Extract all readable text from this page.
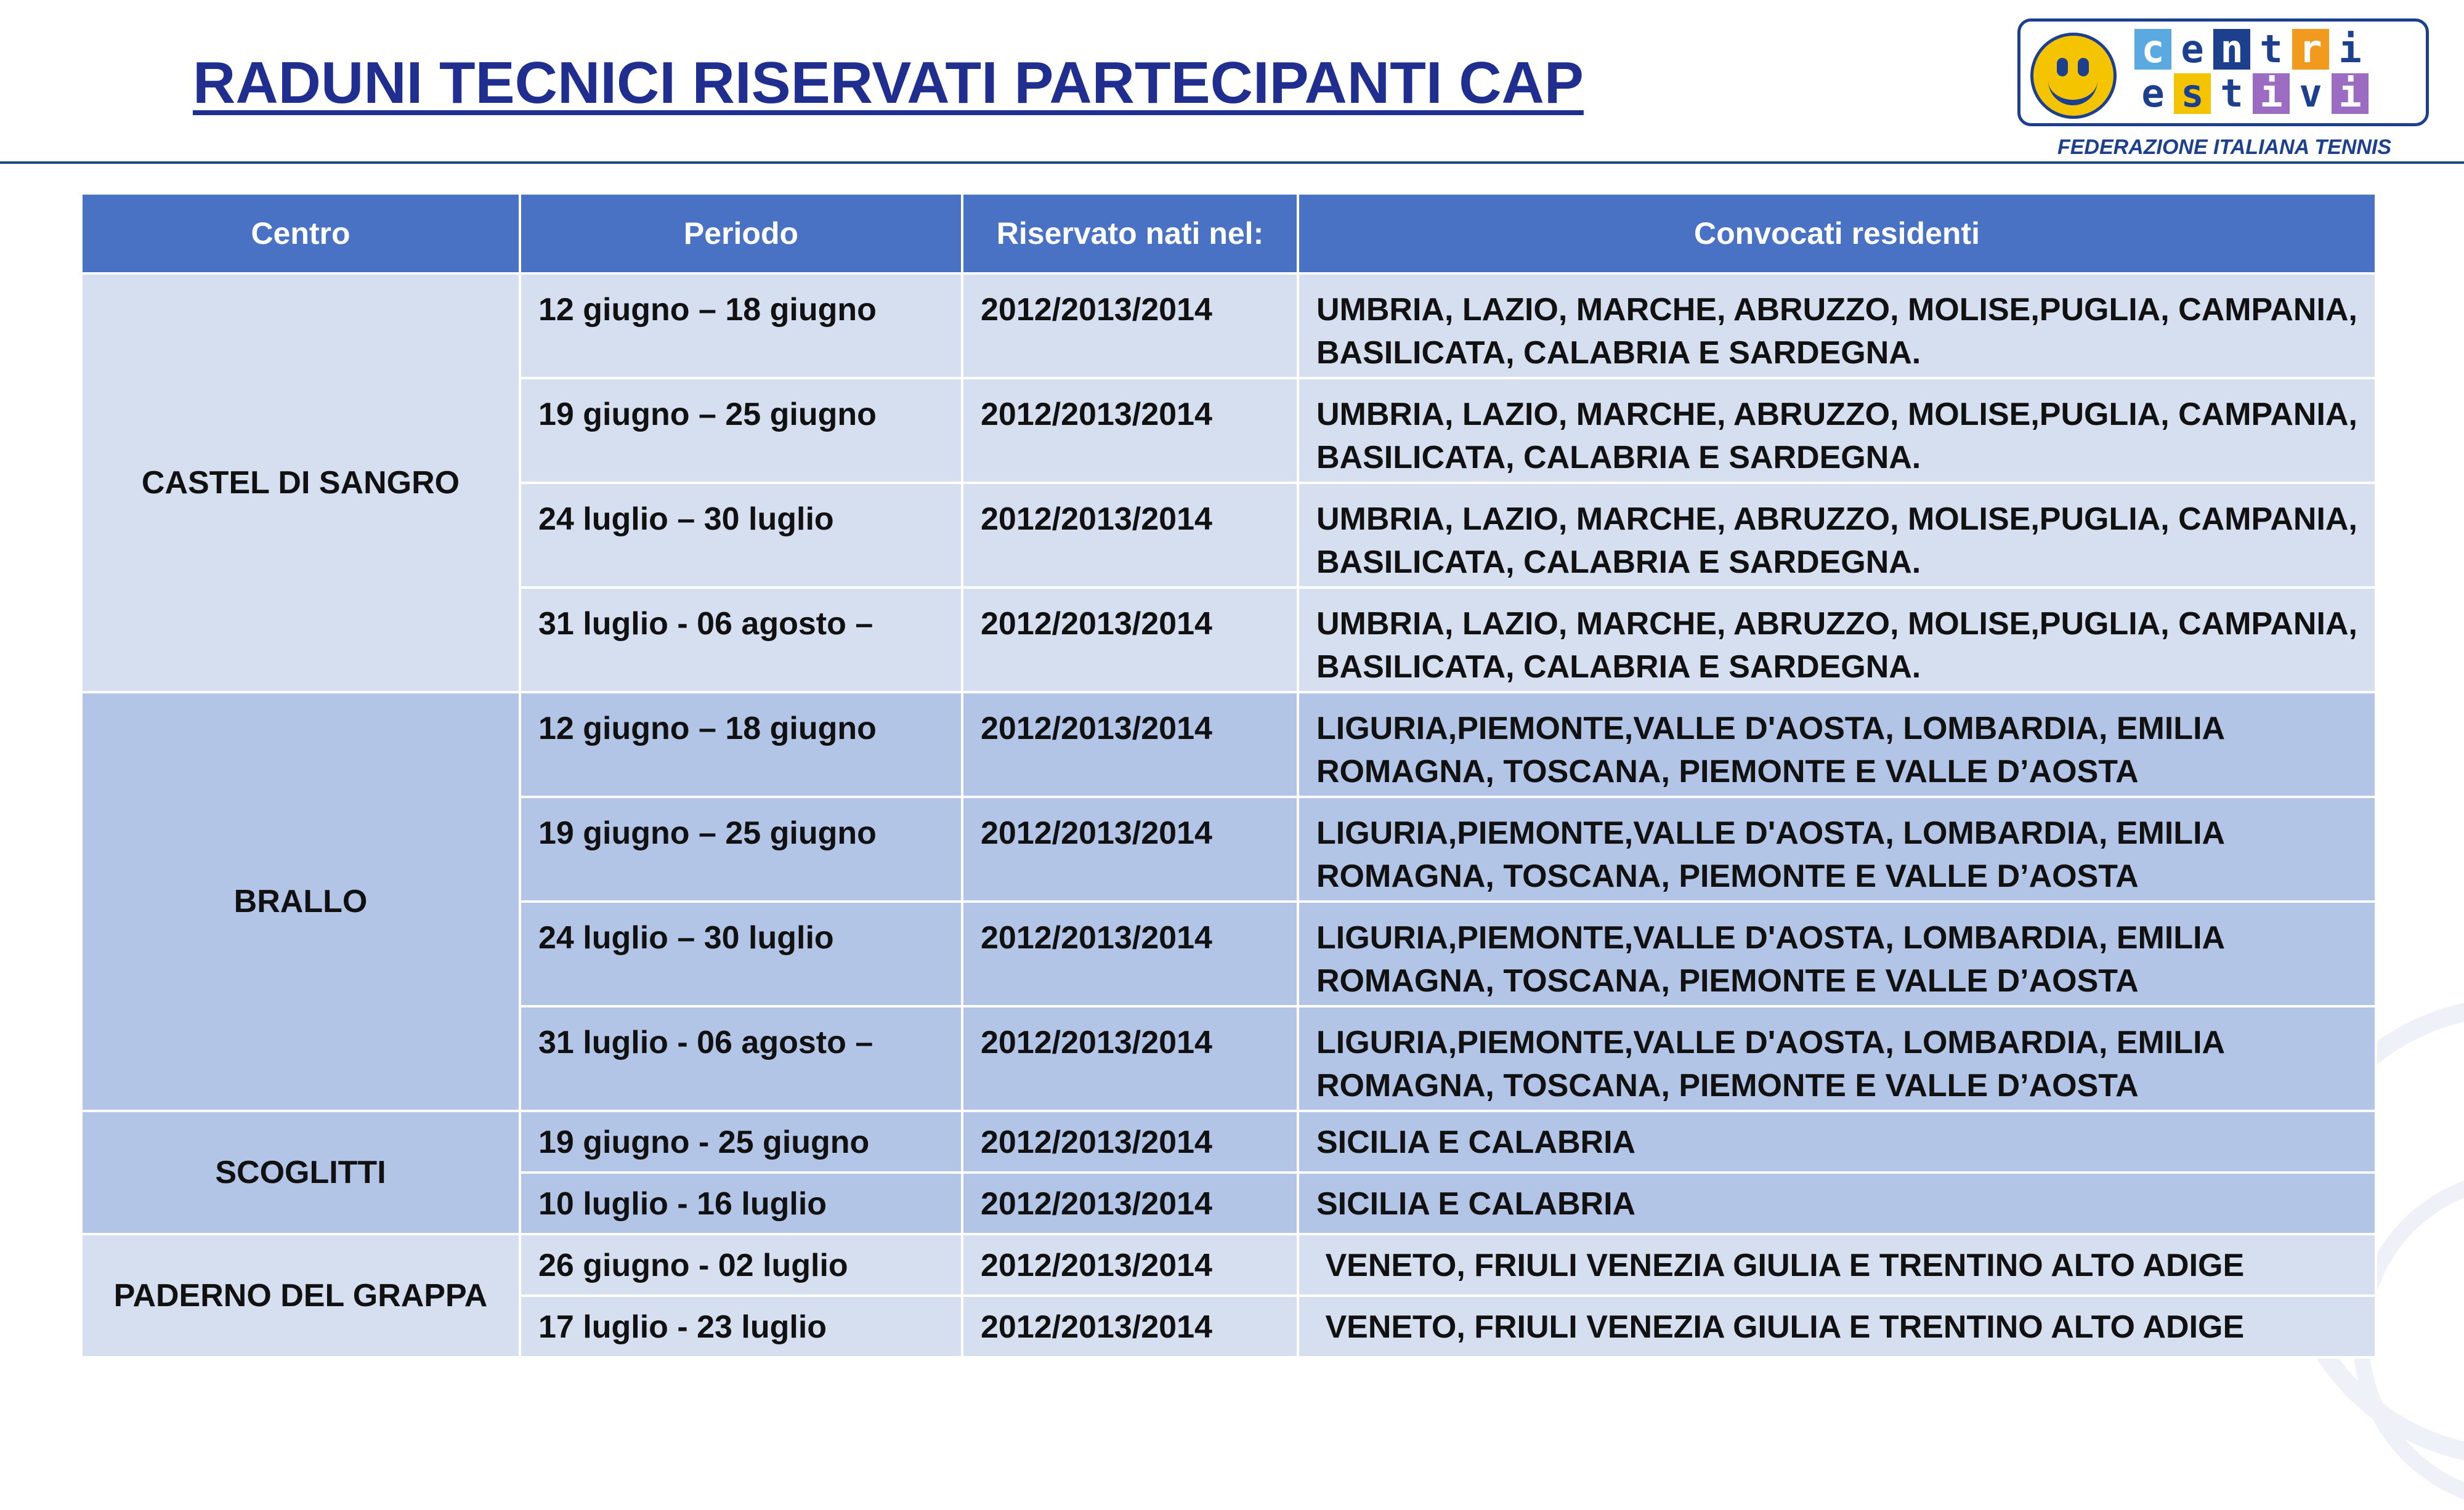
RADUNI TECNICI RISERVATI PARTECIPANTI CAP
c e n t r i
e s t i v i
FEDERAZIONE ITALIANA TENNIS
Centro	Periodo	Riservato nati nel:	Convocati residenti
CASTEL DI SANGRO	12 giugno – 18 giugno	2012/2013/2014	UMBRIA, LAZIO, MARCHE, ABRUZZO, MOLISE,PUGLIA, CAMPANIA, BASILICATA, CALABRIA E SARDEGNA.
	19 giugno – 25 giugno	2012/2013/2014	UMBRIA, LAZIO, MARCHE, ABRUZZO, MOLISE,PUGLIA, CAMPANIA, BASILICATA, CALABRIA E SARDEGNA.
	24 luglio – 30 luglio	2012/2013/2014	UMBRIA, LAZIO, MARCHE, ABRUZZO, MOLISE,PUGLIA, CAMPANIA, BASILICATA, CALABRIA E SARDEGNA.
	31 luglio - 06 agosto –	2012/2013/2014	UMBRIA, LAZIO, MARCHE, ABRUZZO, MOLISE,PUGLIA, CAMPANIA, BASILICATA, CALABRIA E SARDEGNA.
BRALLO	12 giugno – 18 giugno	2012/2013/2014	LIGURIA,PIEMONTE,VALLE D'AOSTA, LOMBARDIA, EMILIA ROMAGNA, TOSCANA, PIEMONTE E VALLE D’AOSTA
	19 giugno – 25 giugno	2012/2013/2014	LIGURIA,PIEMONTE,VALLE D'AOSTA, LOMBARDIA, EMILIA ROMAGNA, TOSCANA, PIEMONTE E VALLE D’AOSTA
	24 luglio – 30 luglio	2012/2013/2014	LIGURIA,PIEMONTE,VALLE D'AOSTA, LOMBARDIA, EMILIA ROMAGNA, TOSCANA, PIEMONTE E VALLE D’AOSTA
	31 luglio - 06 agosto –	2012/2013/2014	LIGURIA,PIEMONTE,VALLE D'AOSTA, LOMBARDIA, EMILIA ROMAGNA, TOSCANA, PIEMONTE E VALLE D’AOSTA
SCOGLITTI	19 giugno - 25 giugno	2012/2013/2014	SICILIA E CALABRIA
	10 luglio - 16 luglio	2012/2013/2014	SICILIA E CALABRIA
PADERNO DEL GRAPPA	26 giugno - 02 luglio	2012/2013/2014	VENETO, FRIULI VENEZIA GIULIA E TRENTINO ALTO ADIGE
	17 luglio - 23 luglio	2012/2013/2014	VENETO, FRIULI VENEZIA GIULIA E TRENTINO ALTO ADIGE
